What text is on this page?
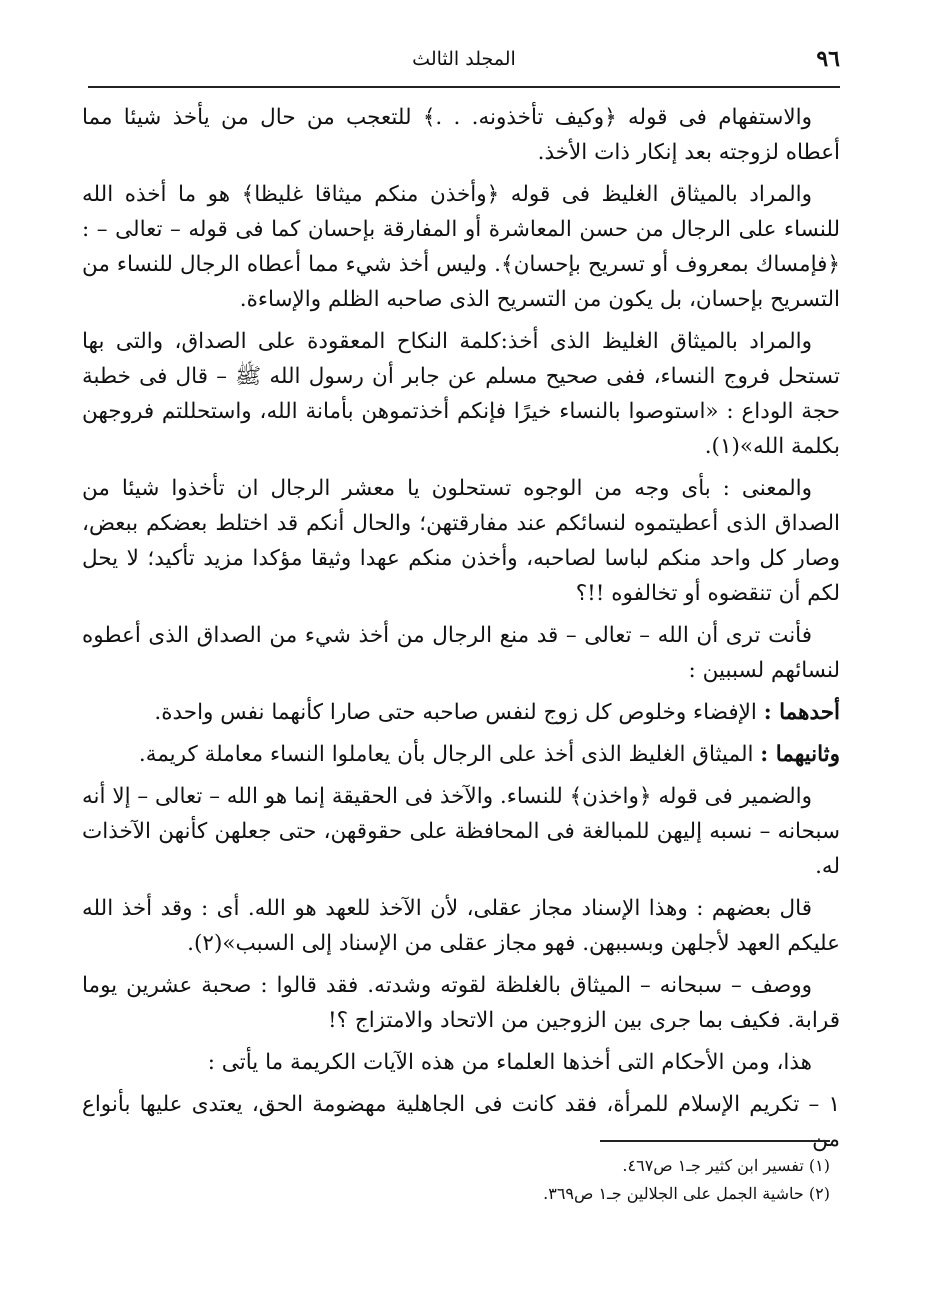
٩٦
المجلد الثالث

والاستفهام فى قوله ﴿وكيف تأخذونه. . .﴾ للتعجب من حال من يأخذ شيئا مما أعطاه لزوجته بعد إنكار ذات الأخذ.

والمراد بالميثاق الغليظ فى قوله ﴿وأخذن منكم ميثاقا غليظا﴾ هو ما أخذه الله للنساء على الرجال من حسن المعاشرة أو المفارقة بإحسان كما فى قوله – تعالى – : ﴿فإمساك بمعروف أو تسريح بإحسان﴾. وليس أخذ شيء مما أعطاه الرجال للنساء من التسريح بإحسان، بل يكون من التسريح الذى صاحبه الظلم والإساءة.

والمراد بالميثاق الغليظ الذى أخذ:كلمة النكاح المعقودة على الصداق، والتى بها تستحل فروج النساء، ففى صحيح مسلم عن جابر أن رسول الله ﷺ – قال فى خطبة حجة الوداع : «استوصوا بالنساء خيرًا فإنكم أخذتموهن بأمانة الله، واستحللتم فروجهن بكلمة الله»(١).

والمعنى : بأى وجه من الوجوه تستحلون يا معشر الرجال ان تأخذوا شيئا من الصداق الذى أعطيتموه لنسائكم عند مفارقتهن؛ والحال أنكم قد اختلط بعضكم ببعض، وصار كل واحد منكم لباسا لصاحبه، وأخذن منكم عهدا وثيقا مؤكدا مزيد تأكيد؛ لا يحل لكم أن تنقضوه أو تخالفوه !!؟

فأنت ترى أن الله – تعالى – قد منع الرجال من أخذ شيء من الصداق الذى أعطوه لنسائهم لسببين :

أحدهما : الإفضاء وخلوص كل زوج لنفس صاحبه حتى صارا كأنهما نفس واحدة.

وثانيهما : الميثاق الغليظ الذى أخذ على الرجال بأن يعاملوا النساء معاملة كريمة.

والضمير فى قوله ﴿واخذن﴾ للنساء. والآخذ فى الحقيقة إنما هو الله – تعالى – إلا أنه سبحانه – نسبه إليهن للمبالغة فى المحافظة على حقوقهن، حتى جعلهن كأنهن الآخذات له.

قال بعضهم : وهذا الإسناد مجاز عقلى، لأن الآخذ للعهد هو الله. أى : وقد أخذ الله عليكم العهد لأجلهن وبسببهن. فهو مجاز عقلى من الإسناد إلى السبب»(٢).

ووصف – سبحانه – الميثاق بالغلظة لقوته وشدته. فقد قالوا : صحبة عشرين يوما قرابة. فكيف بما جرى بين الزوجين من الاتحاد والامتزاج ؟!

هذا، ومن الأحكام التى أخذها العلماء من هذه الآيات الكريمة ما يأتى :

١ – تكريم الإسلام للمرأة، فقد كانت فى الجاهلية مهضومة الحق، يعتدى عليها بأنواع من

(١) تفسير ابن كثير جـ١ ص٤٦٧.

(٢) حاشية الجمل على الجلالين جـ١ ص٣٦٩.
